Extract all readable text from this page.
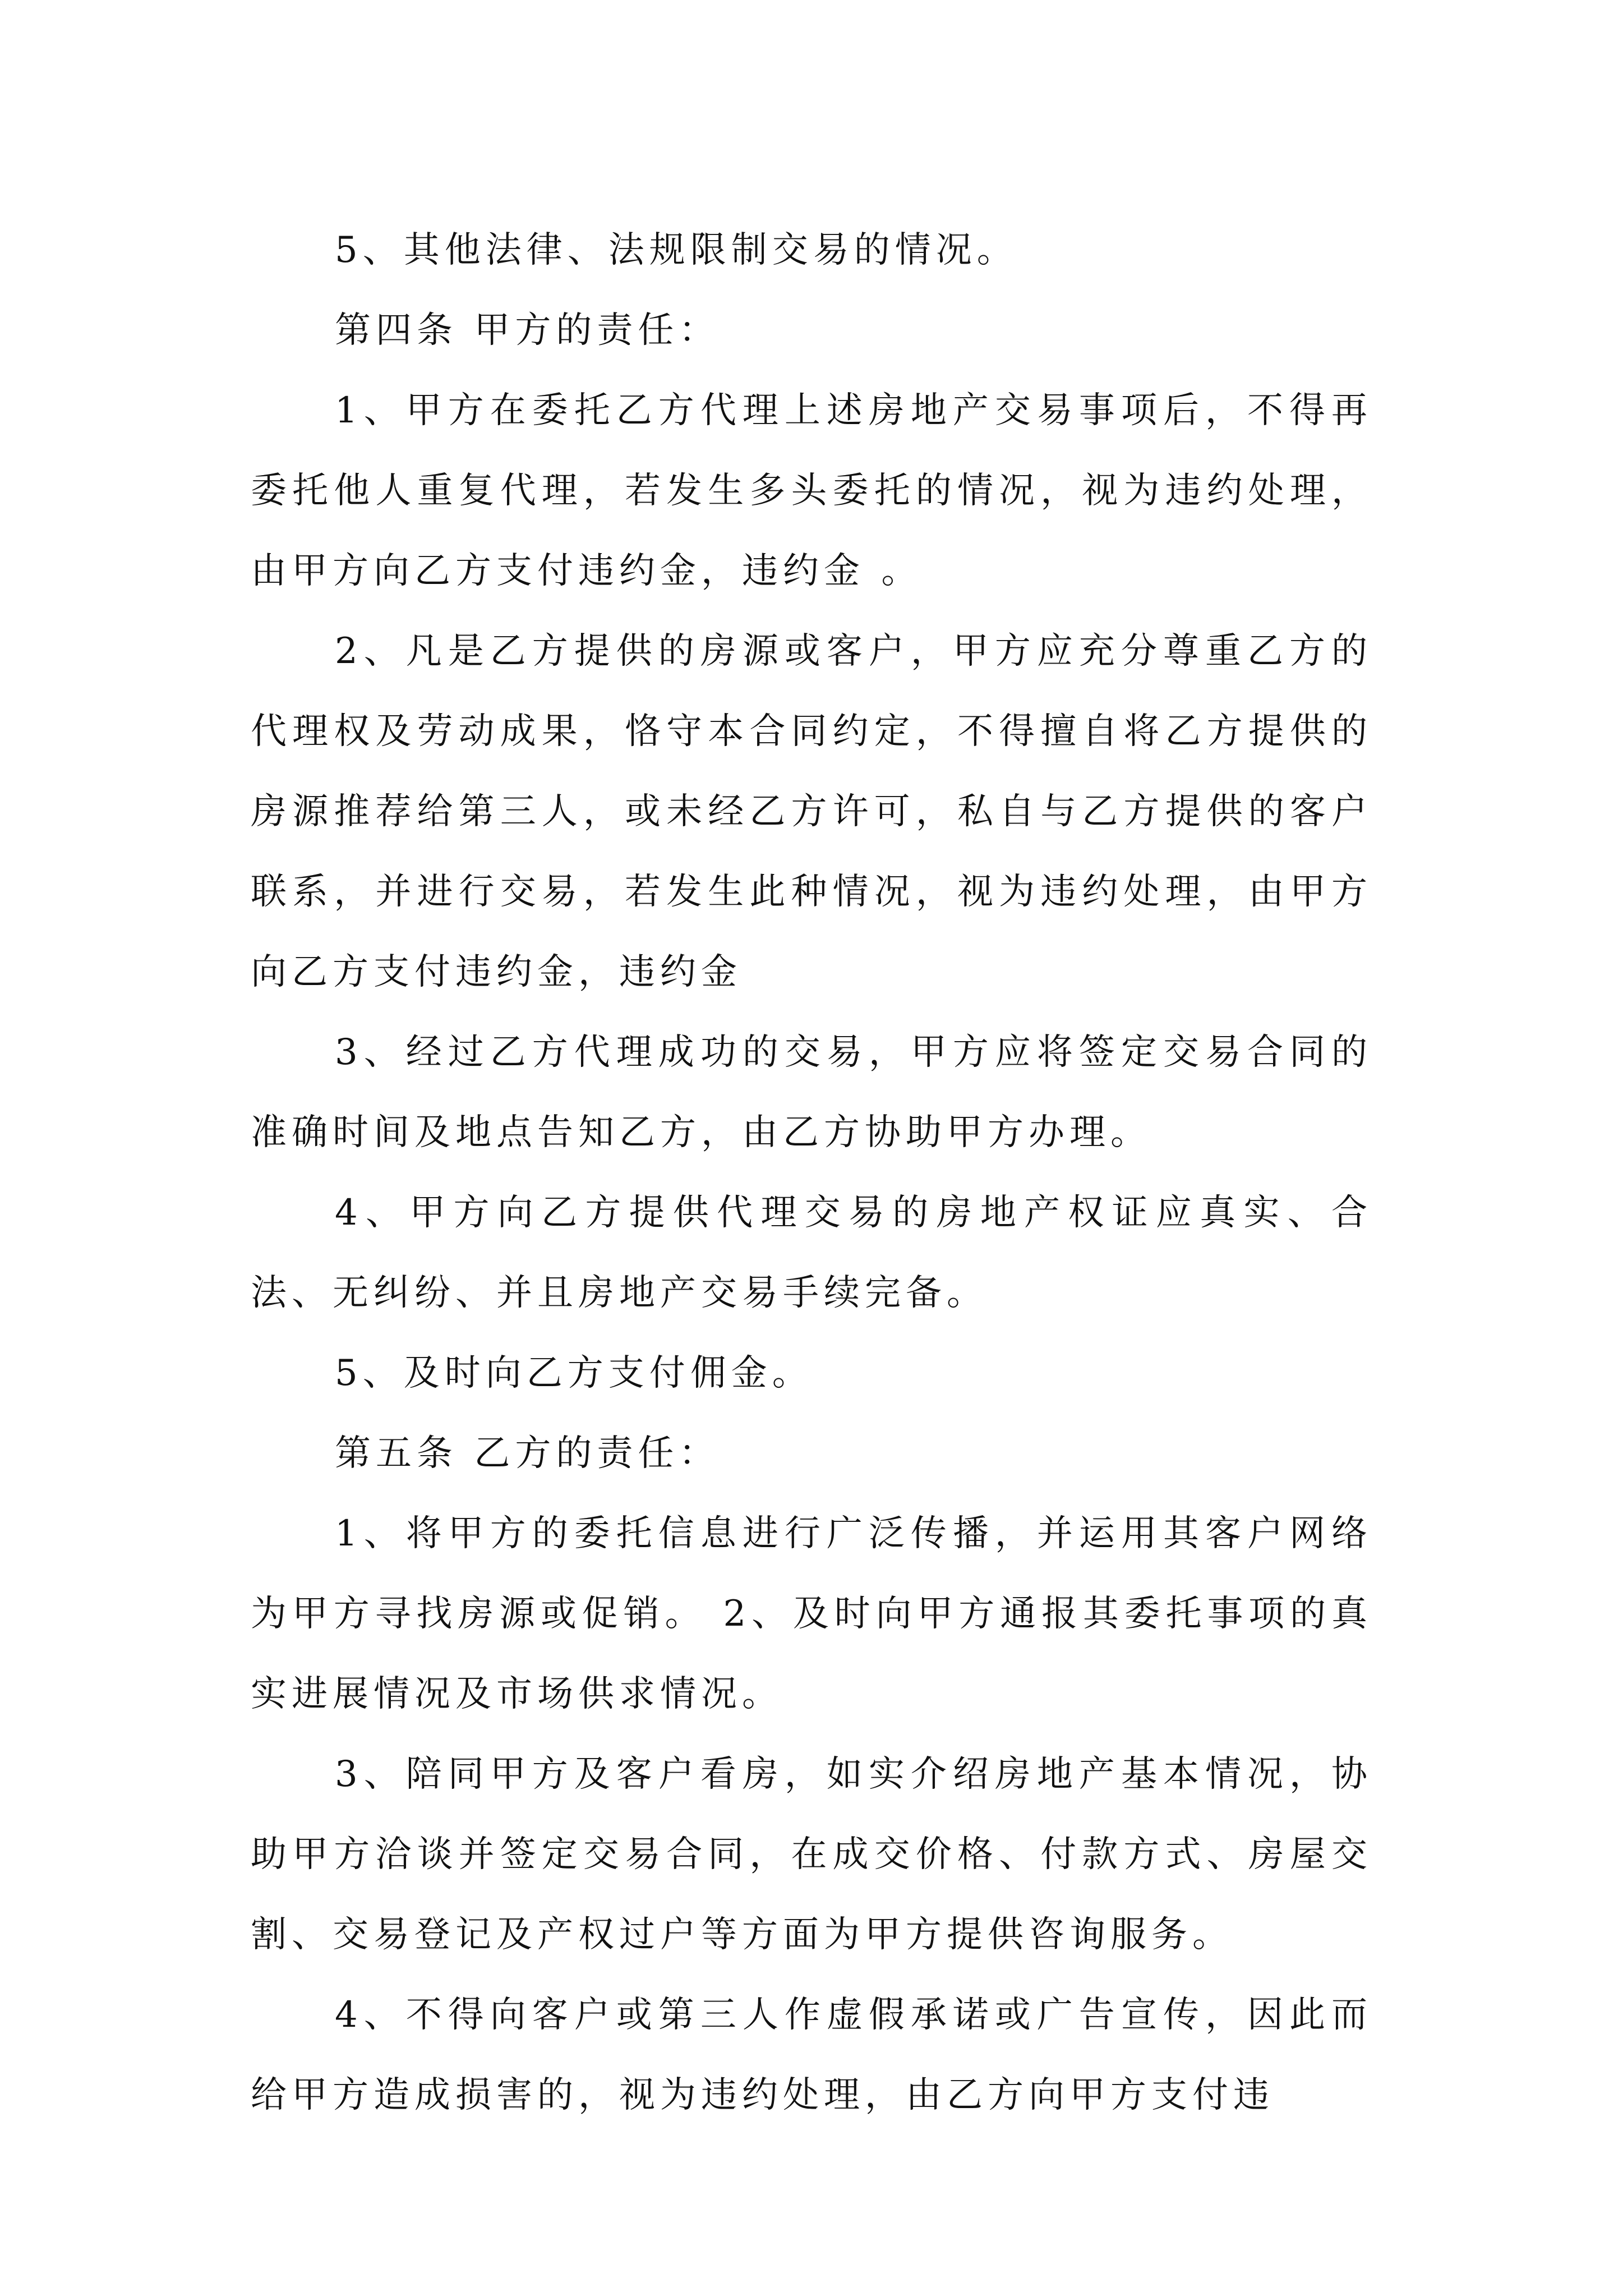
5、其他法律、法规限制交易的情况。

第四条 甲方的责任：

1、甲方在委托乙方代理上述房地产交易事项后，不得再委托他人重复代理，若发生多头委托的情况，视为违约处理，由甲方向乙方支付违约金，违约金 。

2、凡是乙方提供的房源或客户，甲方应充分尊重乙方的代理权及劳动成果，恪守本合同约定，不得擅自将乙方提供的房源推荐给第三人，或未经乙方许可，私自与乙方提供的客户联系，并进行交易，若发生此种情况，视为违约处理，由甲方向乙方支付违约金，违约金

3、经过乙方代理成功的交易，甲方应将签定交易合同的准确时间及地点告知乙方，由乙方协助甲方办理。

4、甲方向乙方提供代理交易的房地产权证应真实、合法、无纠纷、并且房地产交易手续完备。

5、及时向乙方支付佣金。

第五条 乙方的责任：

1、将甲方的委托信息进行广泛传播，并运用其客户网络为甲方寻找房源或促销。 2、及时向甲方通报其委托事项的真实进展情况及市场供求情况。

3、陪同甲方及客户看房，如实介绍房地产基本情况，协助甲方洽谈并签定交易合同，在成交价格、付款方式、房屋交割、交易登记及产权过户等方面为甲方提供咨询服务。

4、不得向客户或第三人作虚假承诺或广告宣传，因此而给甲方造成损害的，视为违约处理，由乙方向甲方支付违
